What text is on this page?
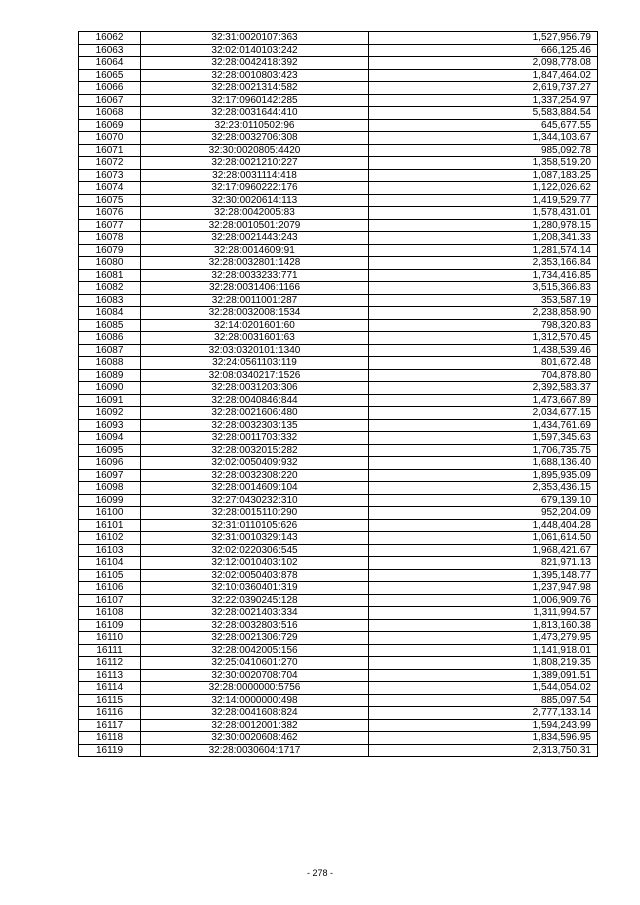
16062	32:31:0020107:363	1,527,956.79
16063	32:02:0140103:242	666,125.46
16064	32:28:0042418:392	2,098,778.08
16065	32:28:0010803:423	1,847,464.02
16066	32:28:0021314:582	2,619,737.27
16067	32:17:0960142:285	1,337,254.97
16068	32:28:0031644:410	5,583,884.54
16069	32:23:0110502:96	645,677.55
16070	32:28:0032706:308	1,344,103.67
16071	32:30:0020805:4420	985,092.78
16072	32:28:0021210:227	1,358,519.20
16073	32:28:0031114:418	1,087,183.25
16074	32:17:0960222:176	1,122,026.62
16075	32:30:0020614:113	1,419,529.77
16076	32:28:0042005:83	1,578,431.01
16077	32:28:0010501:2079	1,280,978.15
16078	32:28:0021443:243	1,208,341.33
16079	32:28:0014609:91	1,281,574.14
16080	32:28:0032801:1428	2,353,166.84
16081	32:28:0033233:771	1,734,416.85
16082	32:28:0031406:1166	3,515,366.83
16083	32:28:0011001:287	353,587.19
16084	32:28:0032008:1534	2,238,858.90
16085	32:14:0201601:60	798,320.83
16086	32:28:0031601:63	1,312,570.45
16087	32:03:0320101:1340	1,438,539.46
16088	32:24:0561103:119	801,672.48
16089	32:08:0340217:1526	704,878.80
16090	32:28:0031203:306	2,392,583.37
16091	32:28:0040846:844	1,473,667.89
16092	32:28:0021606:480	2,034,677.15
16093	32:28:0032303:135	1,434,761.69
16094	32:28:0011703:332	1,597,345.63
16095	32:28:0032015:282	1,706,735.75
16096	32:02:0050409:932	1,688,136.40
16097	32:28:0032308:220	1,895,935.09
16098	32:28:0014609:104	2,353,436.15
16099	32:27:0430232:310	679,139.10
16100	32:28:0015110:290	952,204.09
16101	32:31:0110105:626	1,448,404.28
16102	32:31:0010329:143	1,061,614.50
16103	32:02:0220306:545	1,968,421.67
16104	32:12:0010403:102	821,971.13
16105	32:02:0050403:878	1,395,148.77
16106	32:10:0360401:319	1,237,947.98
16107	32:22:0390245:128	1,006,909.76
16108	32:28:0021403:334	1,311,994.57
16109	32:28:0032803:516	1,813,160.38
16110	32:28:0021306:729	1,473,279.95
16111	32:28:0042005:156	1,141,918.01
16112	32:25:0410601:270	1,808,219.35
16113	32:30:0020708:704	1,389,091.51
16114	32:28:0000000:5756	1,544,054.02
16115	32:14:0000000:498	885,097.54
16116	32:28:0041608:824	2,777,133.14
16117	32:28:0012001:382	1,594,243.99
16118	32:30:0020608:462	1,834,596.95
16119	32:28:0030604:1717	2,313,750.31
- 278 -
